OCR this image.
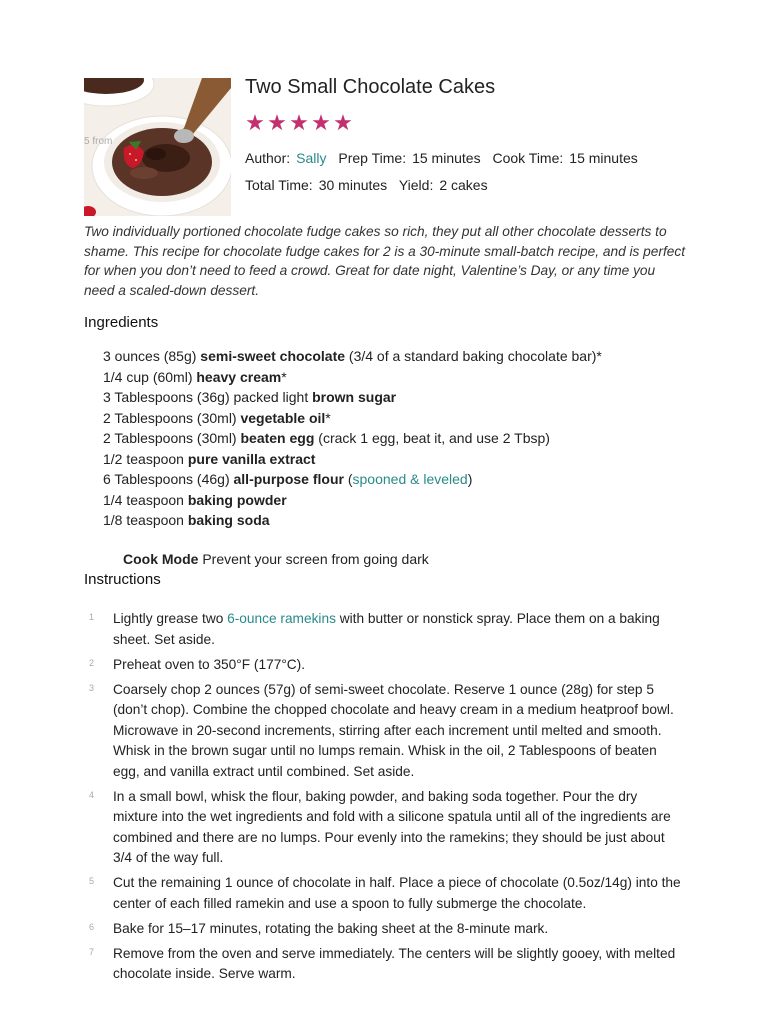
5 from
Two Small Chocolate Cakes
★ ★ ★ ★ ★
Author: Sally Prep Time: 15 minutes Cook Time: 15 minutes
Total Time: 30 minutes Yield: 2 cakes
Two individually portioned chocolate fudge cakes so rich, they put all other chocolate desserts to shame. This recipe for chocolate fudge cakes for 2 is a 30-minute small-batch recipe, and is perfect for when you don’t need to feed a crowd. Great for date night, Valentine’s Day, or any time you need a scaled-down dessert.
Ingredients
3 ounces (85g) semi-sweet chocolate (3/4 of a standard baking chocolate bar)*
1/4 cup (60ml) heavy cream*
3 Tablespoons (36g) packed light brown sugar
2 Tablespoons (30ml) vegetable oil*
2 Tablespoons (30ml) beaten egg (crack 1 egg, beat it, and use 2 Tbsp)
1/2 teaspoon pure vanilla extract
6 Tablespoons (46g) all-purpose flour (spooned & leveled)
1/4 teaspoon baking powder
1/8 teaspoon baking soda
Cook Mode Prevent your screen from going dark
Instructions
1 Lightly grease two 6-ounce ramekins with butter or nonstick spray. Place them on a baking sheet. Set aside.
2 Preheat oven to 350°F (177°C).
3 Coarsely chop 2 ounces (57g) of semi-sweet chocolate. Reserve 1 ounce (28g) for step 5 (don’t chop). Combine the chopped chocolate and heavy cream in a medium heatproof bowl. Microwave in 20-second increments, stirring after each increment until melted and smooth. Whisk in the brown sugar until no lumps remain. Whisk in the oil, 2 Tablespoons of beaten egg, and vanilla extract until combined. Set aside.
4 In a small bowl, whisk the flour, baking powder, and baking soda together. Pour the dry mixture into the wet ingredients and fold with a silicone spatula until all of the ingredients are combined and there are no lumps. Pour evenly into the ramekins; they should be just about 3/4 of the way full.
5 Cut the remaining 1 ounce of chocolate in half. Place a piece of chocolate (0.5oz/14g) into the center of each filled ramekin and use a spoon to fully submerge the chocolate.
6 Bake for 15–17 minutes, rotating the baking sheet at the 8-minute mark.
7 Remove from the oven and serve immediately. The centers will be slightly gooey, with melted chocolate inside. Serve warm.
